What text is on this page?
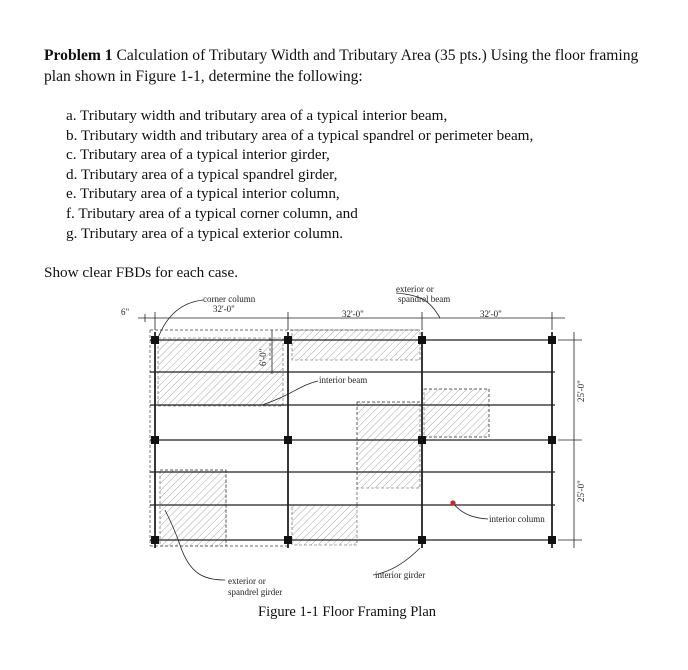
Problem 1 Calculation of Tributary Width and Tributary Area (35 pts.) Using the floor framing plan shown in Figure 1-1, determine the following:
a. Tributary width and tributary area of a typical interior beam,
b. Tributary width and tributary area of a typical spandrel or perimeter beam,
c. Tributary area of a typical interior girder,
d. Tributary area of a typical spandrel girder,
e. Tributary area of a typical interior column,
f. Tributary area of a typical corner column, and
g. Tributary area of a typical exterior column.
Show clear FBDs for each case.
6"	32'-0"	32'-0"	32'-0"
25'-0"
25'-0"
6'-0"
corner column
exterior or
spandrel beam
interior beam
interior column
interior girder
exterior or
spandrel girder
Figure 1-1 Floor Framing Plan
